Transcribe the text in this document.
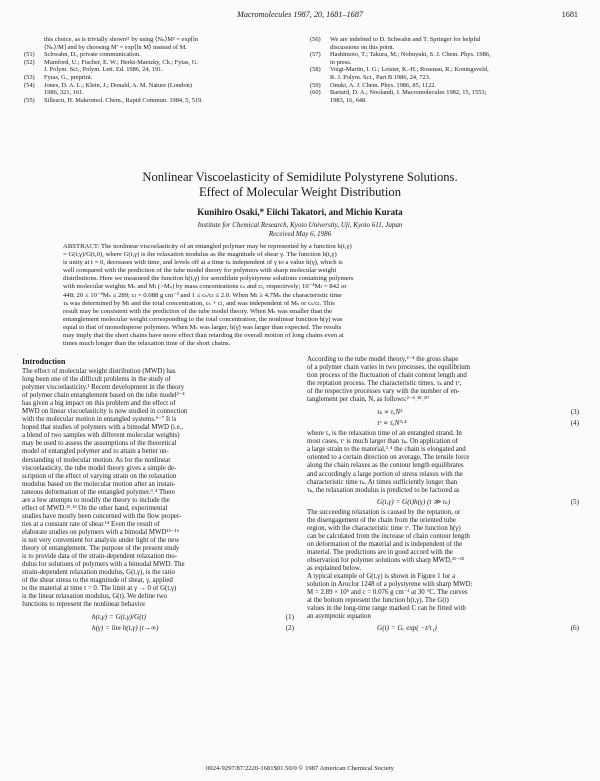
Macromolecules 1987, 20, 1681–1687	1681
this choice, as is trivially shown¹¹ by using ⟨Nₙ⟩M² = exp[ln
⟨Nₙ⟩/M] and by choosing M′ = exp⟨ln M⟩ instead of M.
(51) Schwahn, D., private communication.
(52) Mumford, U.; Fischer, E. W.; Herkt-Maetzky, Ch.; Fytas, G.
J. Polym. Sci., Polym. Lett. Ed. 1986, 24, 191.
(53) Fytas, G., preprint.
(54) Jones, D. A. L.; Klein, J.; Donald, A. M. Nature (London)
1986, 321, 161.
(55) Sillescu, H. Makromol. Chem., Rapid Commun. 1984, 5, 519.
(56) We are indebted to D. Schwahn and T. Springer for helpful
discussions on this point.
(57) Hashimoto, T.; Takura, M.; Nobuyuki, S. J. Chem. Phys. 1986,
in press.
(58) Voigt-Martin, I. G.; Leister, K.-H.; Rosenau, R.; Koningsveld,
R. J. Polym. Sci., Part B 1986, 24, 723.
(59) Onuki, A. J. Chem. Phys. 1986, 85, 1122.
(60) Bartard, D. A.; Noolandi, J. Macromolecules 1982, 15, 1553;
1983, 16, 648.
Nonlinear Viscoelasticity of Semidilute Polystyrene Solutions.
Effect of Molecular Weight Distribution
Kunihiro Osaki,* Eiichi Takatori, and Michio Kurata
Institute for Chemical Research, Kyoto University, Uji, Kyoto 611, Japan
Received May 6, 1986
ABSTRACT: The nonlinear viscoelasticity of an entangled polymer may be represented by a function h(t,γ)
= G(t,γ)/G(t,0), where G(t,γ) is the relaxation modulus as the magnitude of shear γ. The function h(t,γ)
is unity at t = 0, decreases with time, and levels off at a time τₖ independent of γ to a value h(γ), which is
well compared with the prediction of the tube model theory for polymers with sharp molecular weight
distributions. Here we measured the function h(t,γ) for semidilute polystyrene solutions containing polymers
with molecular weights Mₛ and Mₗ (>Mₛ) by mass concentrations cₛ and cₗ, respectively; 10⁻⁴Mₗ = 842 or
448; 20 ≤ 10⁻⁴Mₛ ≤ 289; cₗ = 0.088 g cm⁻³ and 1 ≤ cₛ/cₗ ≤ 2.0. When Mₗ ≥ 4.7Mₛ the characteristic time
τₖ was determined by Mₗ and the total concentration, cₛ + cₗ, and was independent of Mₛ or cₛ/cₗ. This
result may be consistent with the prediction of the tube model theory. When Mₛ was smaller than the
entanglement molecular weight corresponding to the total concentration, the nonlinear function h(γ) was
equal to that of monodisperse polymers. When Mₛ was larger, h(γ) was larger than expected. The results
may imply that the short chains have more effect than retarding the overall motion of long chains even at
times much longer than the relaxation time of the short chains.
Introduction
The effect of molecular weight distribution (MWD) has
long been one of the difficult problems in the study of
polymer viscoelasticity.¹ Recent development in the theory
of polymer chain entanglement based on the tube model²⁻⁴
has given a big impact on this problem and the effect of
MWD on linear viscoelasticity is now studied in connection
with the molecular motion in entangled systems.⁵⁻⁷ It is
hoped that studies of polymers with a bimodal MWD (i.e.,
a blend of two samples with different molecular weights)
may be used to assess the assumptions of the theoretical
model of entangled polymer and to attain a better un-
derstanding of molecular motion. As for the nonlinear
viscoelasticity, the tube model theory gives a simple de-
scription of the effect of varying strain on the relaxation
modulus based on the molecular motion after an instan-
taneous deformation of the entangled polymer.³˒⁴ There
are a few attempts to modify the theory to include the
effect of MWD.¹²˒¹³ On the other hand, experimental
studies have mostly been concerned with the flow proper-
ties at a constant rate of shear.¹⁴ Even the result of
elaborate studies on polymers with a bimodal MWD¹⁵⁻¹⁶
is not very convenient for analysis under light of the new
theory of entanglement. The purpose of the present study
is to provide data of the strain-dependent relaxation mo-
dulus for solutions of polymers with a bimodal MWD. The
strain-dependent relaxation modulus, G(t,γ), is the ratio
of the shear stress to the magnitude of shear, γ, applied
to the material at time t = 0. The limit at γ → 0 of G(t,γ)
is the linear relaxation modulus, G(t). We define two
functions to represent the nonlinear behavior
h(t,γ) = G(t,γ)/G(t)	(1)
h(γ) = lim h(t,γ) (t→∞)	(2)
According to the tube model theory,²⁻⁴ the gross shape
of a polymer chain varies in two processes, the equilibrium
tion process of the fluctuation of chain contour length and
the reptation process. The characteristic times, τₖ and τᶜ,
of the respective processes vary with the number of en-
tanglement per chain, N, as follows:²⁻⁴˒¹⁸˒²⁰
τₖ ∝ τₐN²	(3)
τᶜ ∝ τₐN³⋅⁴	(4)
where τₐ is the relaxation time of an entangled strand. In
most cases, τᶜ is much larger than τₖ. On application of
a large strain to the material,³˒⁴ the chain is elongated and
oriented to a certain direction on average. The tensile force
along the chain relaxes as the contour length equilibrates
and accordingly a large portion of stress relaxes with the
characteristic time τₖ. At times sufficiently longer than
τₖ, the relaxation modulus is predicted to be factored as
G(t,γ) = G(t)h(γ) (t ≫ τₖ)	(5)
The succeeding relaxation is caused by the reptation, or
the disengagement of the chain from the oriented tube
region, with the characteristic time τᶜ. The function h(γ)
can be calculated from the increase of chain contour length
on deformation of the material and is independent of the
material. The predictions are in good accord with the
observation for polymer solutions with sharp MWD,²¹⁻²⁵
as explained below.
A typical example of G(t,γ) is shown in Figure 1 for a
solution in Aroclor 1248 of a polystyrene with sharp MWD:
M = 2.89 × 10⁶ and c = 0.076 g cm⁻³ at 30 °C. The curves
at the bottom represent the function h(t,γ). The G(t)
values in the long-time range marked C can be fitted with
an asymptotic equation
G(t) = Gₑ exp( −t/τ₁)	(6)
0024-9297/87/2220-1681$01.50/0 © 1987 American Chemical Society
